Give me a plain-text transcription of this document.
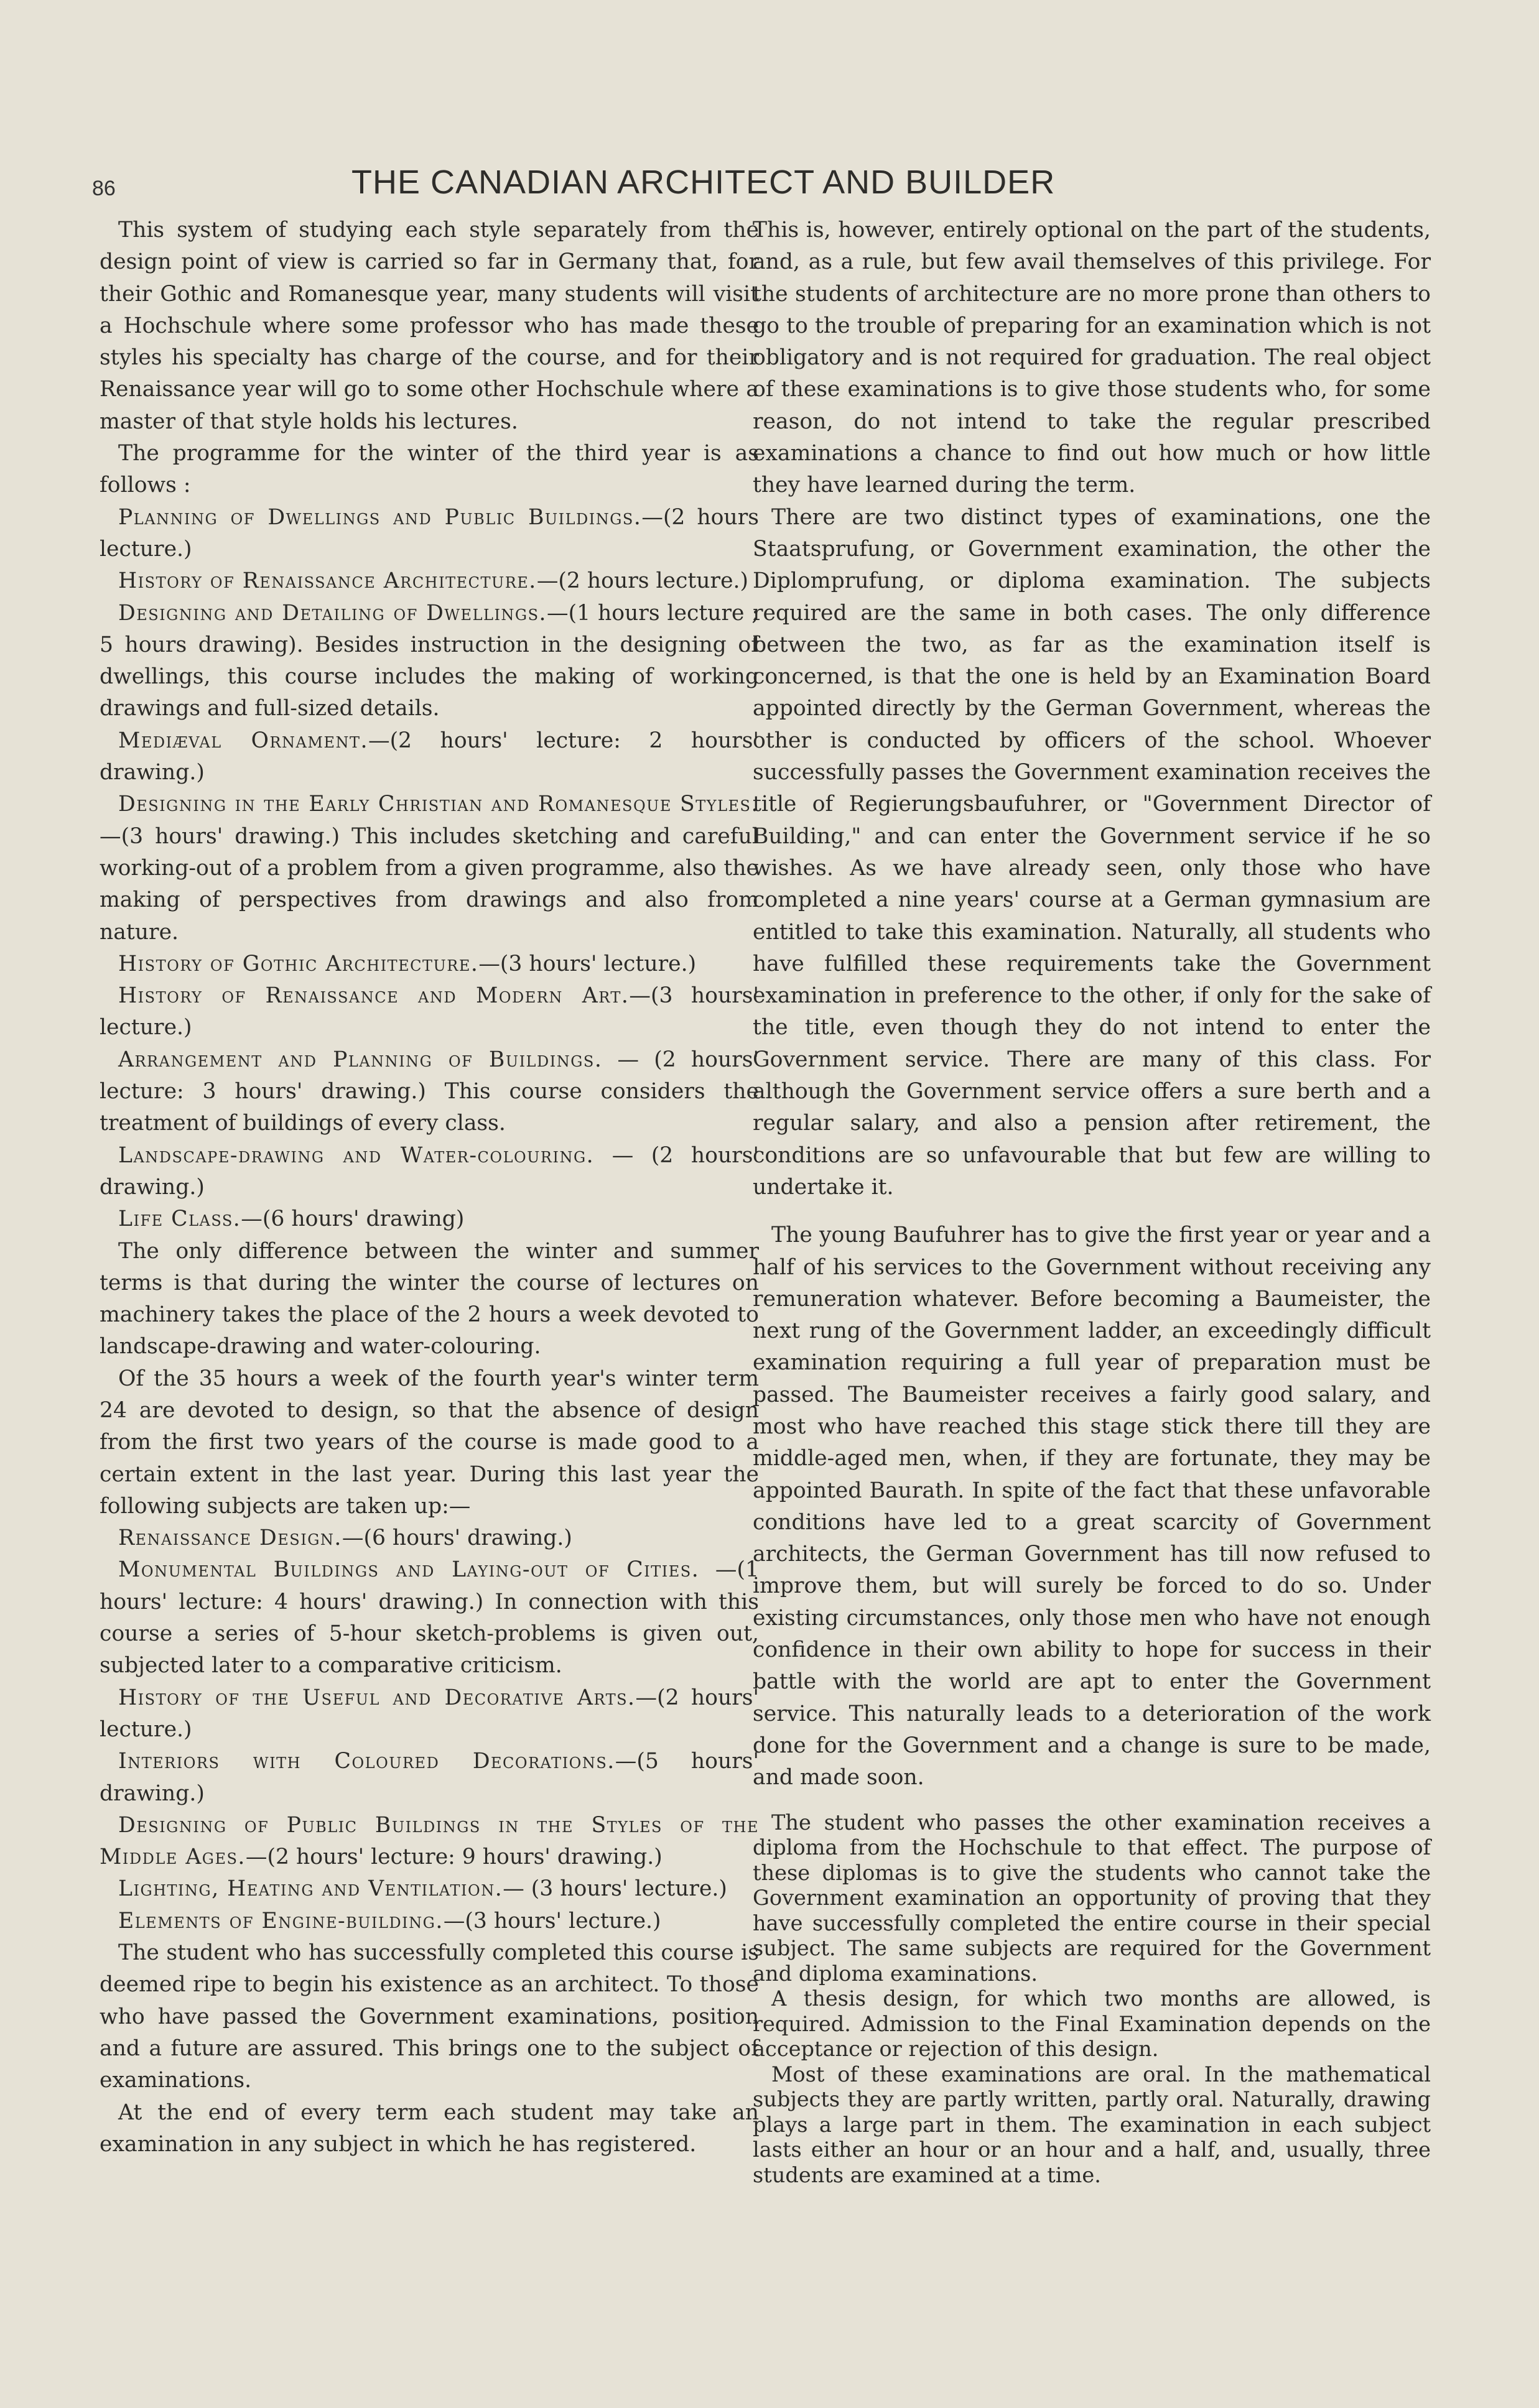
86	THE CANADIAN ARCHITECT AND BUILDER

This system of studying each style separately from the design point of view is carried so far in Germany that, for their Gothic and Romanesque year, many students will visit a Hochschule where some professor who has made these styles his specialty has charge of the course, and for their Renaissance year will go to some other Hochschule where a master of that style holds his lectures.

The programme for the winter of the third year is as follows :

Planning of Dwellings and Public Buildings.—(2 hours lecture.)

History of Renaissance Architecture.—(2 hours lecture.)

Designing and Detailing of Dwellings.—(1 hours lecture ; 5 hours drawing). Besides instruction in the designing of dwellings, this course includes the making of working drawings and full-sized details.

Mediæval Ornament.—(2 hours' lecture: 2 hours' drawing.)

Designing in the Early Christian and Romanesque Styles.—(3 hours' drawing.) This includes sketching and careful working-out of a problem from a given programme, also the making of perspectives from drawings and also from nature.

History of Gothic Architecture.—(3 hours' lecture.)

History of Renaissance and Modern Art.—(3 hours' lecture.)

Arrangement and Planning of Buildings. — (2 hours' lecture: 3 hours' drawing.) This course considers the treatment of buildings of every class.

Landscape-drawing and Water-colouring. — (2 hours' drawing.)

Life Class.—(6 hours' drawing)

The only difference between the winter and summer terms is that during the winter the course of lectures on machinery takes the place of the 2 hours a week devoted to landscape-drawing and water-colouring.

Of the 35 hours a week of the fourth year's winter term 24 are devoted to design, so that the absence of design from the first two years of the course is made good to a certain extent in the last year. During this last year the following subjects are taken up:—

Renaissance Design.—(6 hours' drawing.)

Monumental Buildings and Laying-out of Cities. —(1 hours' lecture: 4 hours' drawing.) In connection with this course a series of 5-hour sketch-problems is given out, subjected later to a comparative criticism.

History of the Useful and Decorative Arts.—(2 hours' lecture.)

Interiors with Coloured Decorations.—(5 hours' drawing.)

Designing of Public Buildings in the Styles of the Middle Ages.—(2 hours' lecture: 9 hours' drawing.)

Lighting, Heating and Ventilation.— (3 hours' lecture.)

Elements of Engine-building.—(3 hours' lecture.)

The student who has successfully completed this course is deemed ripe to begin his existence as an architect. To those who have passed the Government examinations, position and a future are assured. This brings one to the subject of examinations.

At the end of every term each student may take an examination in any subject in which he has registered.

This is, however, entirely optional on the part of the students, and, as a rule, but few avail themselves of this privilege. For the students of architecture are no more prone than others to go to the trouble of preparing for an examination which is not obligatory and is not required for graduation. The real object of these examinations is to give those students who, for some reason, do not intend to take the regular prescribed examinations a chance to find out how much or how little they have learned during the term.

There are two distinct types of examinations, one the Staatsprufung, or Government examination, the other the Diplomprufung, or diploma examination. The subjects required are the same in both cases. The only difference between the two, as far as the examination itself is concerned, is that the one is held by an Examination Board appointed directly by the German Government, whereas the other is conducted by officers of the school. Whoever successfully passes the Government examination receives the title of Regierungsbaufuhrer, or "Government Director of Building," and can enter the Government service if he so wishes. As we have already seen, only those who have completed a nine years' course at a German gymnasium are entitled to take this examination. Naturally, all students who have fulfilled these requirements take the Government examination in preference to the other, if only for the sake of the title, even though they do not intend to enter the Government service. There are many of this class. For although the Government service offers a sure berth and a regular salary, and also a pension after retirement, the conditions are so unfavourable that but few are willing to undertake it.

The young Baufuhrer has to give the first year or year and a half of his services to the Government without receiving any remuneration whatever. Before becoming a Baumeister, the next rung of the Government ladder, an exceedingly difficult examination requiring a full year of preparation must be passed. The Baumeister receives a fairly good salary, and most who have reached this stage stick there till they are middle-aged men, when, if they are fortunate, they may be appointed Baurath. In spite of the fact that these unfavorable conditions have led to a great scarcity of Government architects, the German Government has till now refused to improve them, but will surely be forced to do so. Under existing circumstances, only those men who have not enough confidence in their own ability to hope for success in their battle with the world are apt to enter the Government service. This naturally leads to a deterioration of the work done for the Government and a change is sure to be made, and made soon.

The student who passes the other examination receives a diploma from the Hochschule to that effect. The purpose of these diplomas is to give the students who cannot take the Government examination an opportunity of proving that they have successfully completed the entire course in their special subject. The same subjects are required for the Government and diploma examinations.

A thesis design, for which two months are allowed, is required. Admission to the Final Examination depends on the acceptance or rejection of this design.

Most of these examinations are oral. In the mathematical subjects they are partly written, partly oral. Naturally, drawing plays a large part in them. The examination in each subject lasts either an hour or an hour and a half, and, usually, three students are examined at a time.
